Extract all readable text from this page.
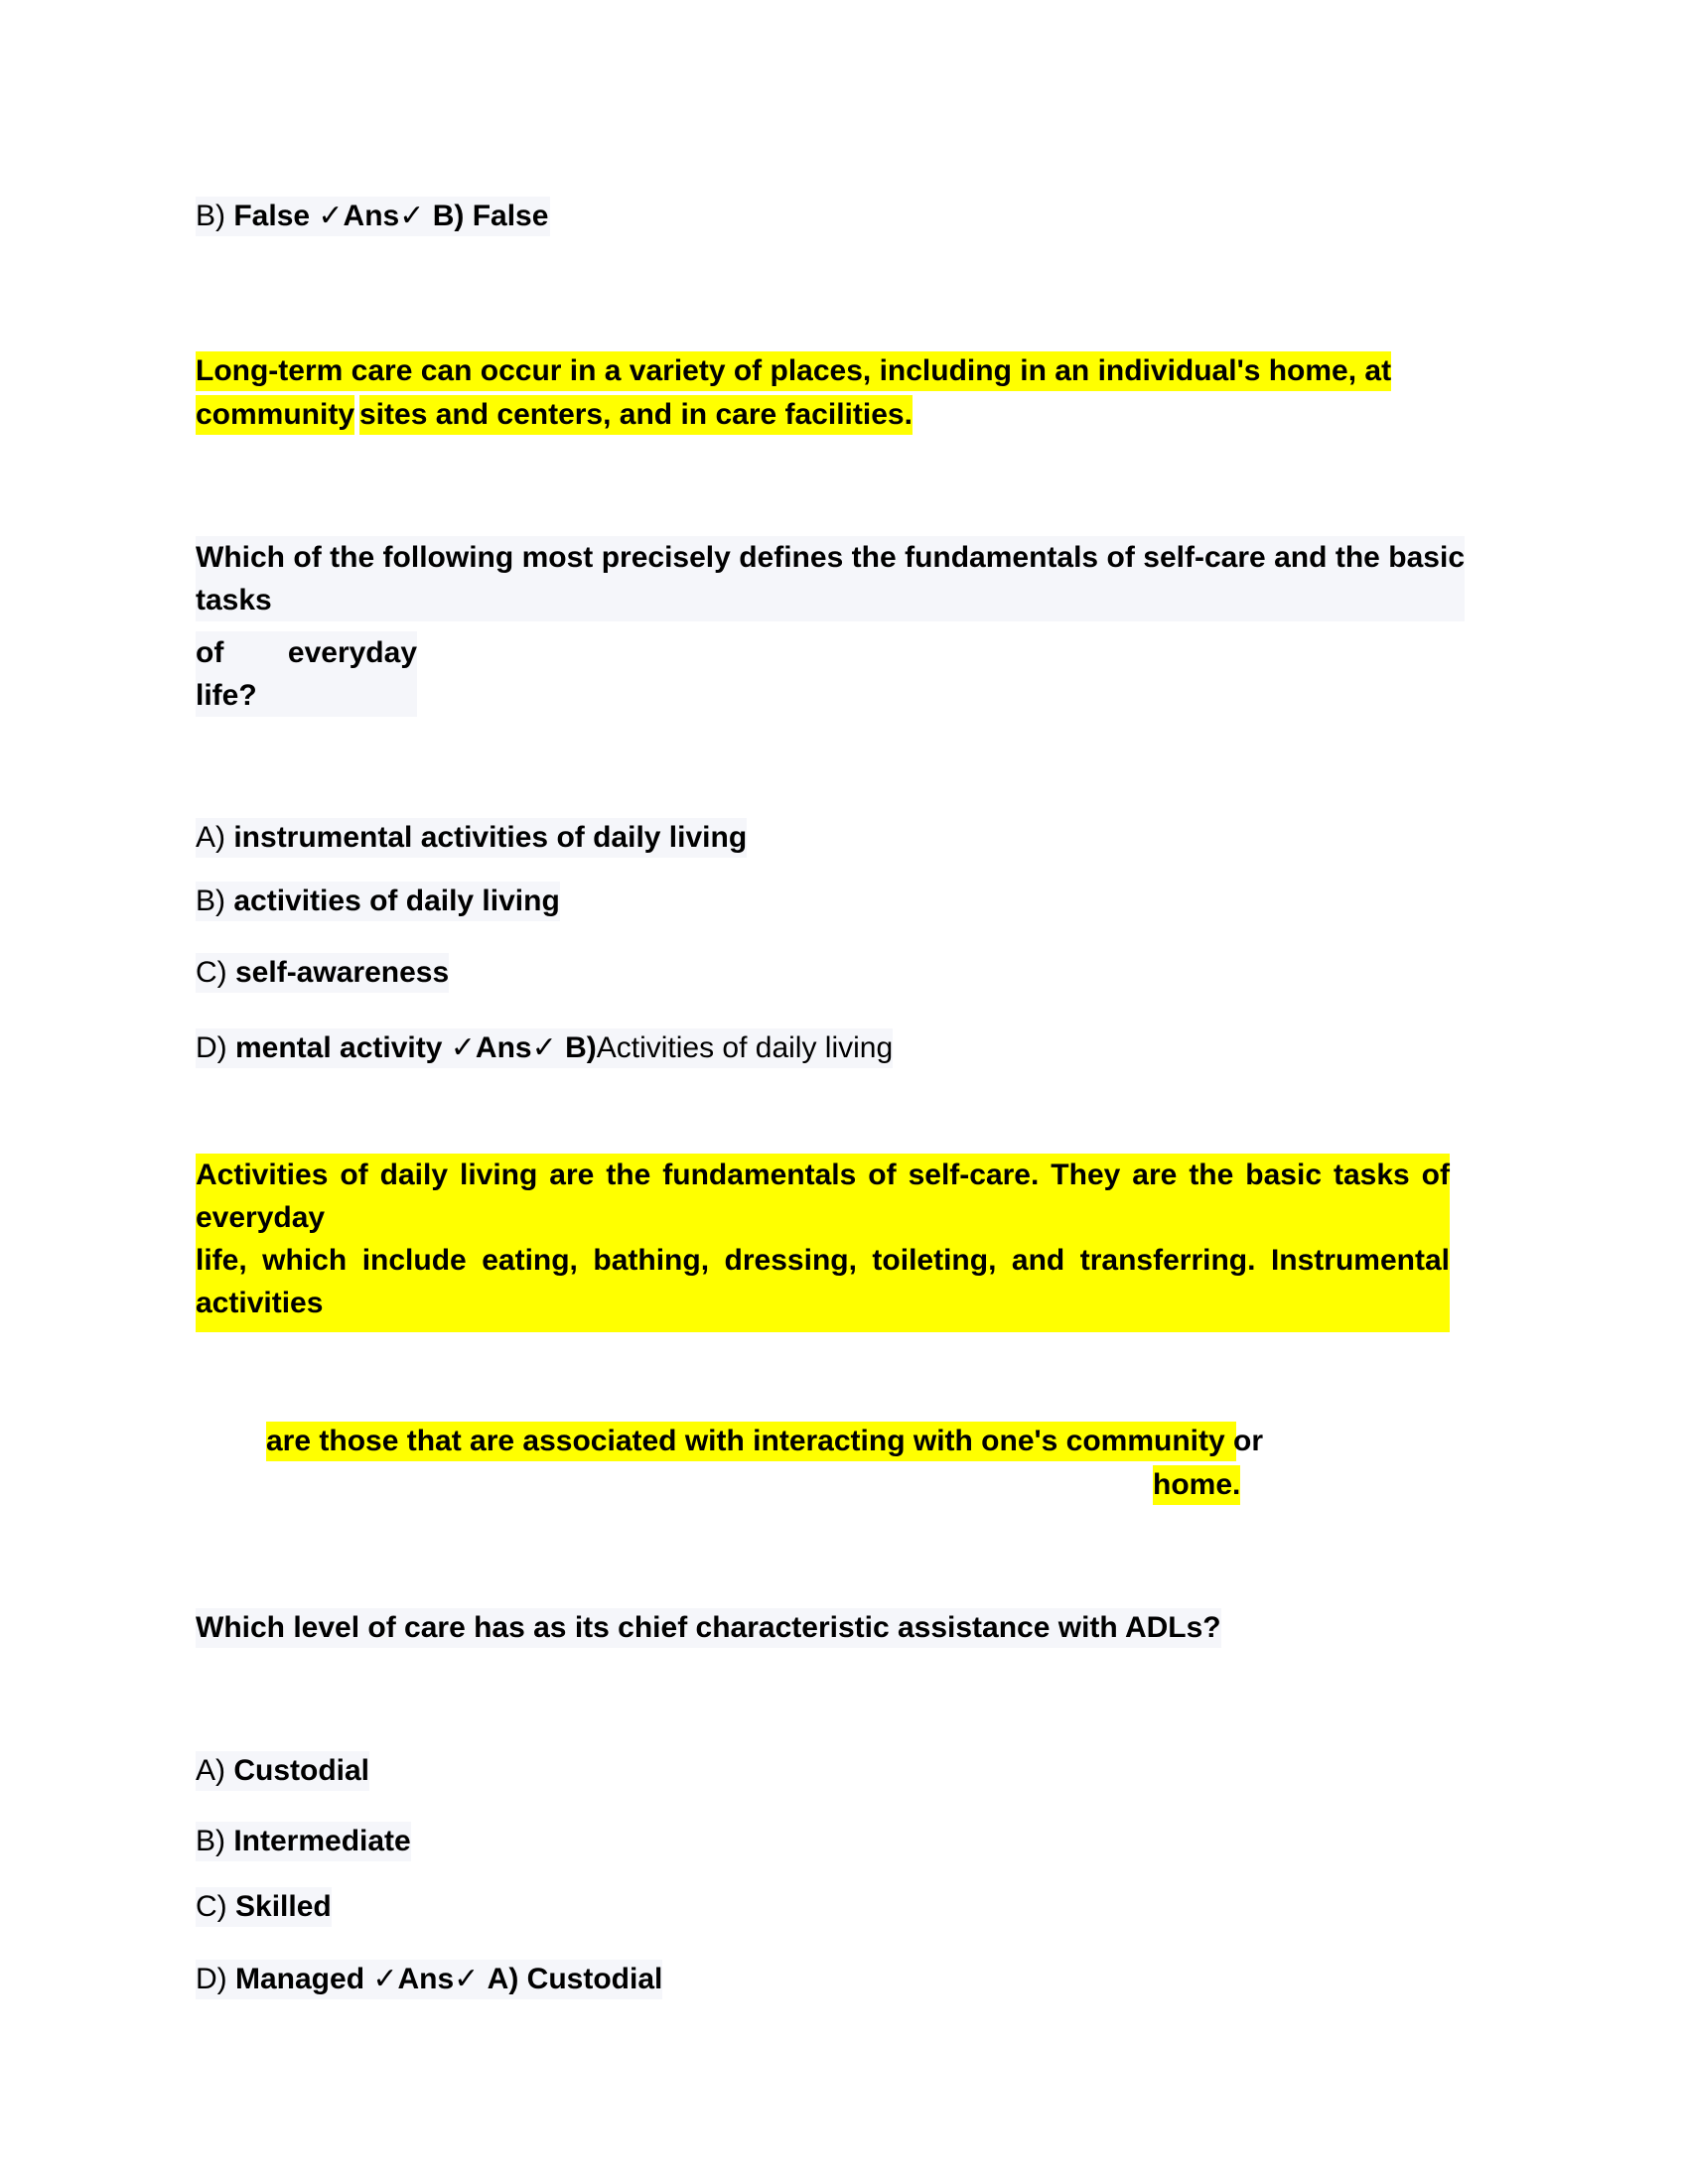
B) False ✓Ans✓ B) False
Long-term care can occur in a variety of places, including in an individual's home, at
community sites and centers, and in care facilities.
Which of the following most precisely defines the fundamentals of self-care and the basic
tasks
of everyday
life?
A) instrumental activities of daily living
B) activities of daily living
C) self-awareness
D) mental activity ✓Ans✓ B)Activities of daily living
Activities of daily living are the fundamentals of self-care. They are the basic tasks of
everyday
life, which include eating, bathing, dressing, toileting, and transferring. Instrumental
activities
are those that are associated with interacting with one's community or
home.
Which level of care has as its chief characteristic assistance with ADLs?
A) Custodial
B) Intermediate
C) Skilled
D) Managed ✓Ans✓ A) Custodial
